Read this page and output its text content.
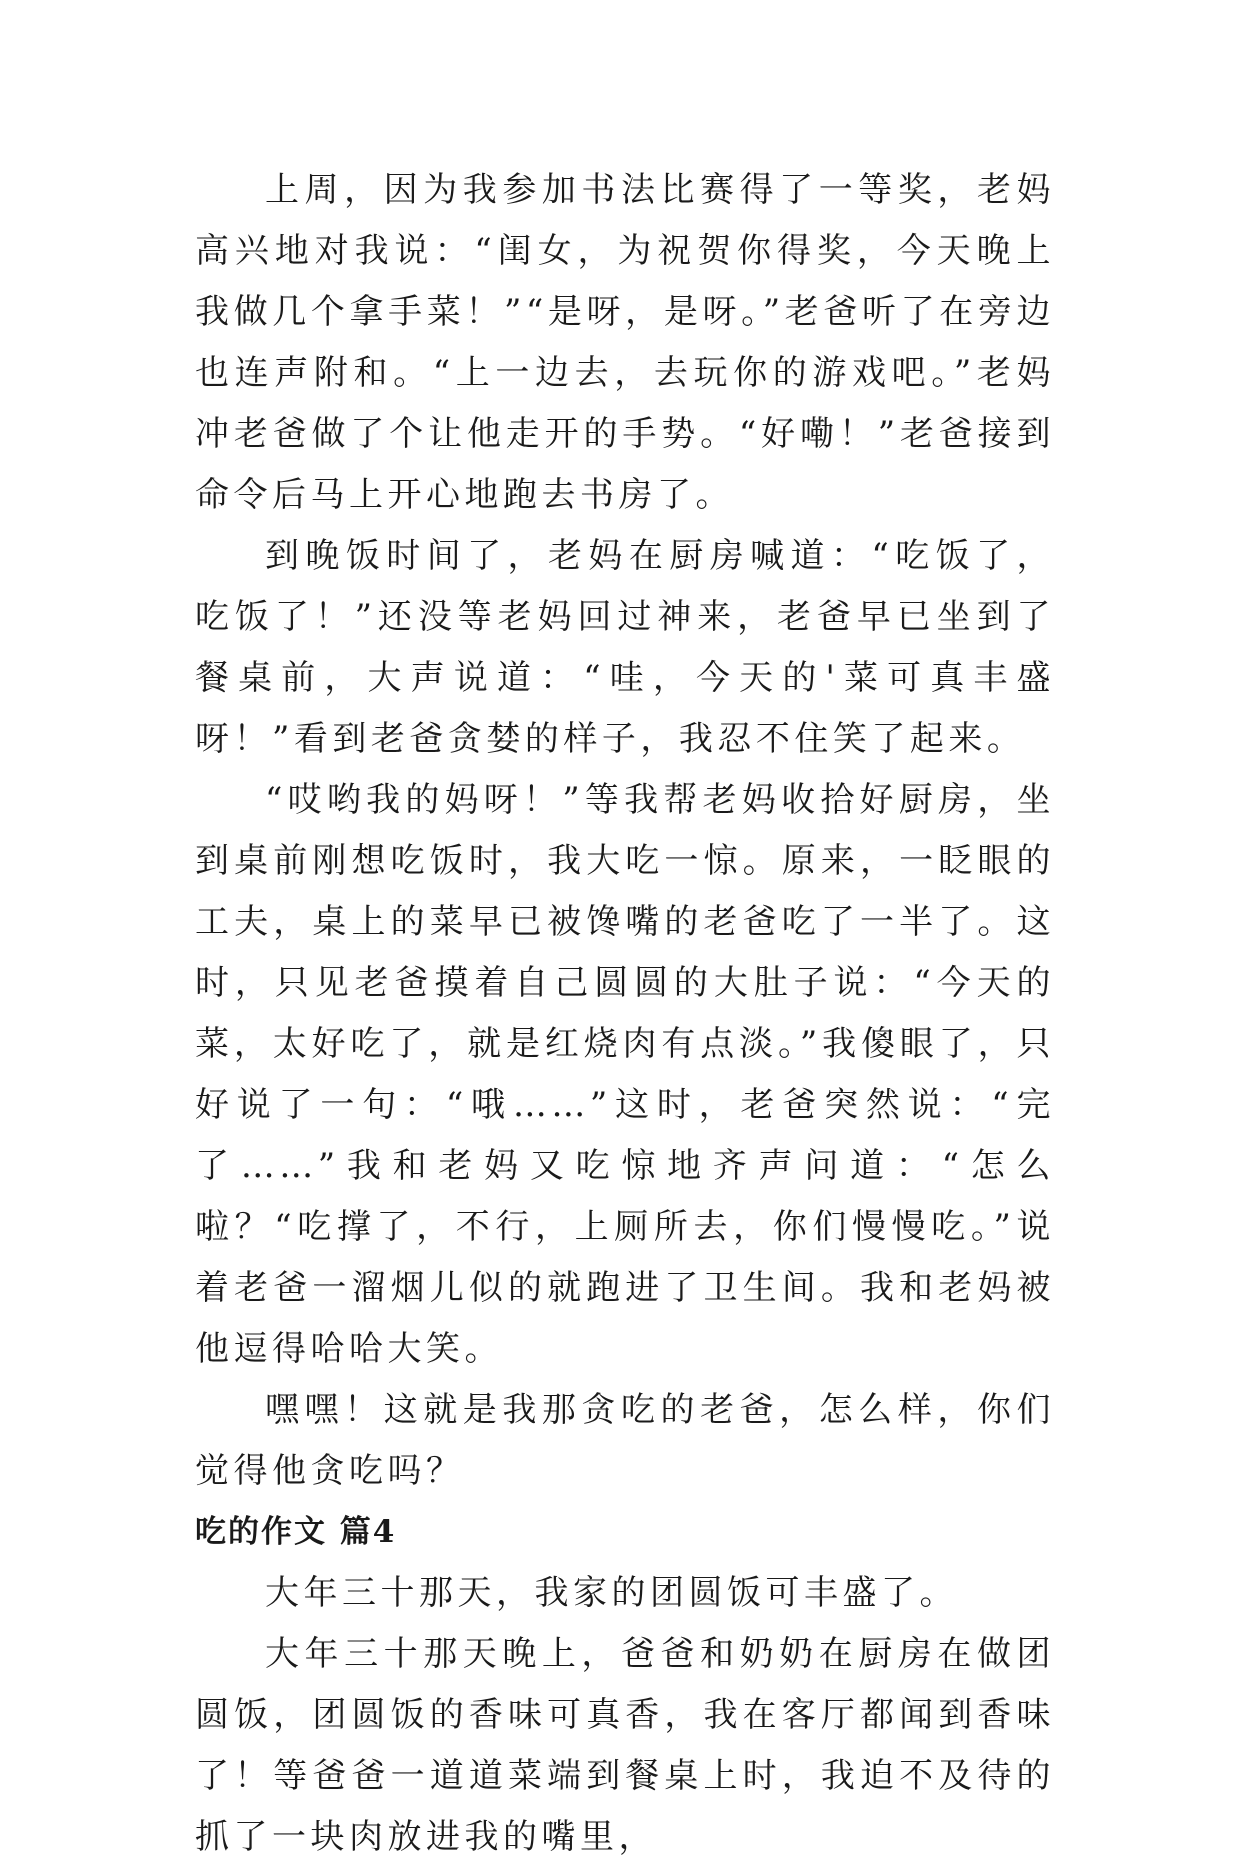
上周，因为我参加书法比赛得了一等奖，老妈高兴地对我说：“闺女，为祝贺你得奖，今天晚上我做几个拿手菜！”“是呀，是呀。”老爸听了在旁边也连声附和。“上一边去，去玩你的游戏吧。”老妈冲老爸做了个让他走开的手势。“好嘞！”老爸接到命令后马上开心地跑去书房了。

到晚饭时间了，老妈在厨房喊道：“吃饭了，吃饭了！”还没等老妈回过神来，老爸早已坐到了餐桌前，大声说道：“哇，今天的'菜可真丰盛呀！”看到老爸贪婪的样子，我忍不住笑了起来。

“哎哟我的妈呀！”等我帮老妈收拾好厨房，坐到桌前刚想吃饭时，我大吃一惊。原来，一眨眼的工夫，桌上的菜早已被馋嘴的老爸吃了一半了。这时，只见老爸摸着自己圆圆的大肚子说：“今天的菜，太好吃了，就是红烧肉有点淡。”我傻眼了，只好说了一句：“哦……”这时，老爸突然说：“完了……”我和老妈又吃惊地齐声问道：“怎么啦？“吃撑了，不行，上厕所去，你们慢慢吃。”说着老爸一溜烟儿似的就跑进了卫生间。我和老妈被他逗得哈哈大笑。

嘿嘿！这就是我那贪吃的老爸，怎么样，你们觉得他贪吃吗？

吃的作文 篇4

大年三十那天，我家的团圆饭可丰盛了。

大年三十那天晚上，爸爸和奶奶在厨房在做团圆饭，团圆饭的香味可真香，我在客厅都闻到香味了！等爸爸一道道菜端到餐桌上时，我迫不及待的抓了一块肉放进我的嘴里，
